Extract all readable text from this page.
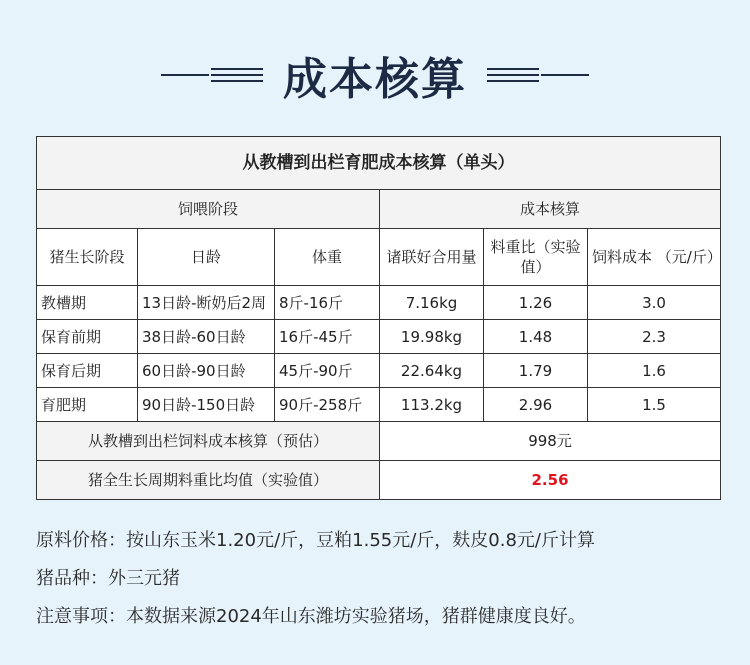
成本核算
从教槽到出栏育肥成本核算（单头）					
饲喂阶段			成本核算		
猪生长阶段	日龄	体重	诸联好合用量	料重比（实验值）	饲料成本 （元/斤）
教槽期	13日龄-断奶后2周	8斤-16斤	7.16kg	1.26	3.0
保育前期	38日龄-60日龄	16斤-45斤	19.98kg	1.48	2.3
保育后期	60日龄-90日龄	45斤-90斤	22.64kg	1.79	1.6
育肥期	90日龄-150日龄	90斤-258斤	113.2kg	2.96	1.5
从教槽到出栏饲料成本核算（预估）			998元		
猪全生长周期料重比均值（实验值）			2.56		

原料价格：按山东玉米1.20元/斤，豆粕1.55元/斤，麸皮0.8元/斤计算

猪品种：外三元猪

注意事项：本数据来源2024年山东潍坊实验猪场，猪群健康度良好。
